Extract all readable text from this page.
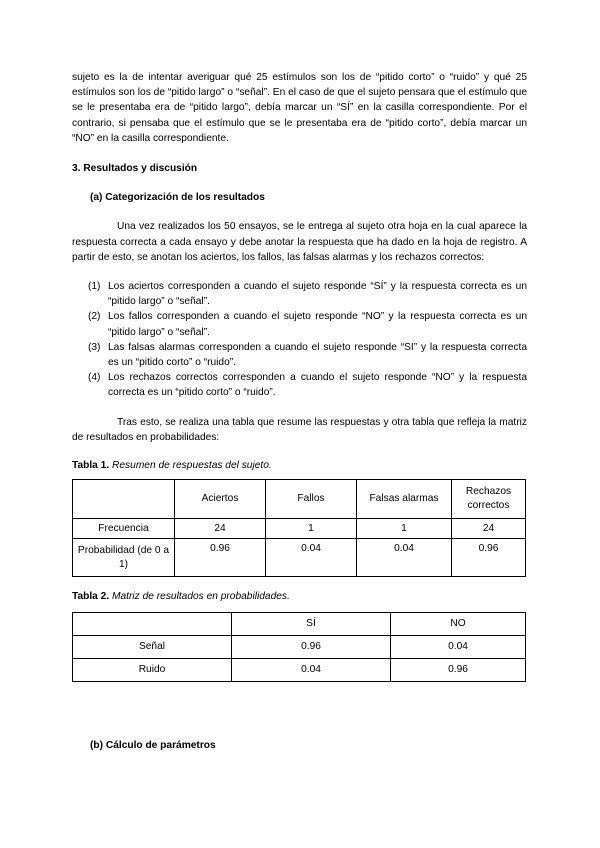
sujeto es la de intentar averiguar qué 25 estímulos son los de “pitido corto” o “ruido” y qué 25 estímulos son los de “pitido largo” o “señal”. En el caso de que el sujeto pensara que el estímulo que se le presentaba era de “pitido largo”, debía marcar un “SÍ” en la casilla correspondiente. Por el contrario, si pensaba que el estímulo que se le presentaba era de “pitido corto”, debía marcar un “NO” en la casilla correspondiente.

3. Resultados y discusión

(a) Categorización de los resultados

Una vez realizados los 50 ensayos, se le entrega al sujeto otra hoja en la cual aparece la respuesta correcta a cada ensayo y debe anotar la respuesta que ha dado en la hoja de registro. A partir de esto, se anotan los aciertos, los fallos, las falsas alarmas y los rechazos correctos:

(1) Los aciertos corresponden a cuando el sujeto responde “SÍ” y la respuesta correcta es un “pitido largo” o “señal”.
(2) Los fallos corresponden a cuando el sujeto responde “NO” y la respuesta correcta es un “pitido largo” o “señal”.
(3) Las falsas alarmas corresponden a cuando el sujeto responde “SI” y la respuesta correcta es un “pitido corto” o “ruido”.
(4) Los rechazos correctos corresponden a cuando el sujeto responde “NO” y la respuesta correcta es un “pitido corto” o “ruido”.

Tras esto, se realiza una tabla que resume las respuestas y otra tabla que refleja la matriz de resultados en probabilidades:

Tabla 1. Resumen de respuestas del sujeto.

	Aciertos	Fallos	Falsas alarmas	Rechazos correctos
Frecuencia	24	1	1	24
Probabilidad (de 0 a 1)	0.96	0.04	0.04	0.96

Tabla 2. Matriz de resultados en probabilidades.

	SÍ	NO
Señal	0.96	0.04
Ruido	0.04	0.96

(b) Cálculo de parámetros
